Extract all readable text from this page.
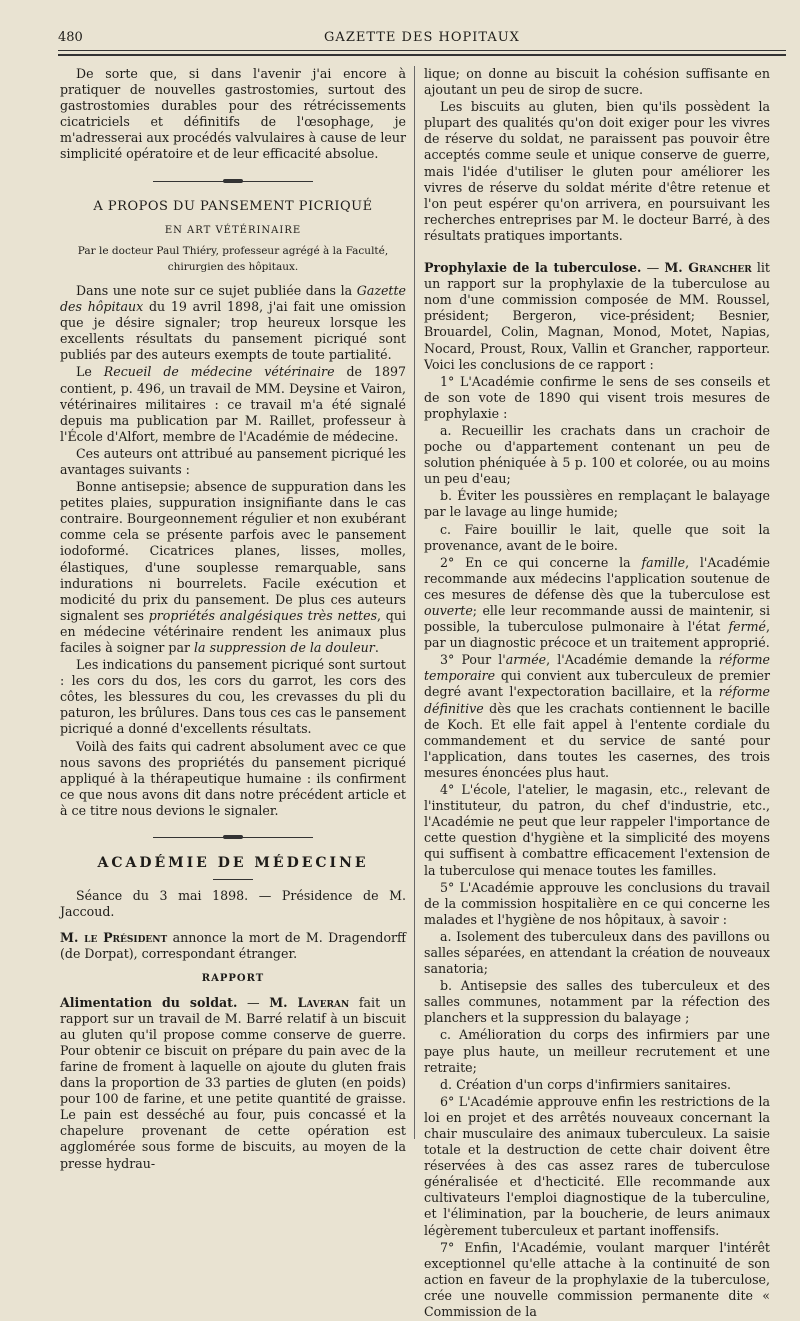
480	GAZETTE DES HOPITAUX

De sorte que, si dans l'avenir j'ai encore à pratiquer de nouvelles gastrostomies, surtout des gastrostomies durables pour des rétrécissements cicatriciels et définitifs de l'œsophage, je m'adresserai aux procédés valvulaires à cause de leur simplicité opératoire et de leur efficacité absolue.

A PROPOS DU PANSEMENT PICRIQUÉ
EN ART VÉTÉRINAIRE

Par le docteur Paul Thiéry, professeur agrégé à la Faculté, chirurgien des hôpitaux.

Dans une note sur ce sujet publiée dans la Gazette des hôpitaux du 19 avril 1898, j'ai fait une omission que je désire signaler; trop heureux lorsque les excellents résultats du pansement picriqué sont publiés par des auteurs exempts de toute partialité.

Le Recueil de médecine vétérinaire de 1897 contient, p. 496, un travail de MM. Deysine et Vairon, vétérinaires militaires : ce travail m'a été signalé depuis ma publication par M. Raillet, professeur à l'École d'Alfort, membre de l'Académie de médecine.

Ces auteurs ont attribué au pansement picriqué les avantages suivants :

Bonne antisepsie; absence de suppuration dans les petites plaies, suppuration insignifiante dans le cas contraire. Bourgeonnement régulier et non exubérant comme cela se présente parfois avec le pansement iodoformé. Cicatrices planes, lisses, molles, élastiques, d'une souplesse remarquable, sans indurations ni bourrelets. Facile exécution et modicité du prix du pansement. De plus ces auteurs signalent ses propriétés analgésiques très nettes, qui en médecine vétérinaire rendent les animaux plus faciles à soigner par la suppression de la douleur.

Les indications du pansement picriqué sont surtout : les cors du dos, les cors du garrot, les cors des côtes, les blessures du cou, les crevasses du pli du paturon, les brûlures. Dans tous ces cas le pansement picriqué a donné d'excellents résultats.

Voilà des faits qui cadrent absolument avec ce que nous savons des propriétés du pansement picriqué appliqué à la thérapeutique humaine : ils confirment ce que nous avons dit dans notre précédent article et à ce titre nous devions le signaler.

ACADÉMIE DE MÉDECINE

Séance du 3 mai 1898. — Présidence de M. Jaccoud.

M. le Président annonce la mort de M. Dragendorff (de Dorpat), correspondant étranger.

RAPPORT

Alimentation du soldat. — M. Laveran fait un rapport sur un travail de M. Barré relatif à un biscuit au gluten qu'il propose comme conserve de guerre. Pour obtenir ce biscuit on prépare du pain avec de la farine de froment à laquelle on ajoute du gluten frais dans la proportion de 33 parties de gluten (en poids) pour 100 de farine, et une petite quantité de graisse. Le pain est desséché au four, puis concassé et la chapelure provenant de cette opération est agglomérée sous forme de biscuits, au moyen de la presse hydrau-

lique; on donne au biscuit la cohésion suffisante en ajoutant un peu de sirop de sucre.

Les biscuits au gluten, bien qu'ils possèdent la plupart des qualités qu'on doit exiger pour les vivres de réserve du soldat, ne paraissent pas pouvoir être acceptés comme seule et unique conserve de guerre, mais l'idée d'utiliser le gluten pour améliorer les vivres de réserve du soldat mérite d'être retenue et l'on peut espérer qu'on arrivera, en poursuivant les recherches entreprises par M. le docteur Barré, à des résultats pratiques importants.

Prophylaxie de la tuberculose. — M. Grancher lit un rapport sur la prophylaxie de la tuberculose au nom d'une commission composée de MM. Roussel, président; Bergeron, vice-président; Besnier, Brouardel, Colin, Magnan, Monod, Motet, Napias, Nocard, Proust, Roux, Vallin et Grancher, rapporteur. Voici les conclusions de ce rapport :

1° L'Académie confirme le sens de ses conseils et de son vote de 1890 qui visent trois mesures de prophylaxie :

a. Recueillir les crachats dans un crachoir de poche ou d'appartement contenant un peu de solution phéniquée à 5 p. 100 et colorée, ou au moins un peu d'eau;

b. Éviter les poussières en remplaçant le balayage par le lavage au linge humide;

c. Faire bouillir le lait, quelle que soit la provenance, avant de le boire.

2° En ce qui concerne la famille, l'Académie recommande aux médecins l'application soutenue de ces mesures de défense dès que la tuberculose est ouverte; elle leur recommande aussi de maintenir, si possible, la tuberculose pulmonaire à l'état fermé, par un diagnostic précoce et un traitement approprié.

3° Pour l'armée, l'Académie demande la réforme temporaire qui convient aux tuberculeux de premier degré avant l'expectoration bacillaire, et la réforme définitive dès que les crachats contiennent le bacille de Koch. Et elle fait appel à l'entente cordiale du commandement et du service de santé pour l'application, dans toutes les casernes, des trois mesures énoncées plus haut.

4° L'école, l'atelier, le magasin, etc., relevant de l'instituteur, du patron, du chef d'industrie, etc., l'Académie ne peut que leur rappeler l'importance de cette question d'hygiène et la simplicité des moyens qui suffisent à combattre efficacement l'extension de la tuberculose qui menace toutes les familles.

5° L'Académie approuve les conclusions du travail de la commission hospitalière en ce qui concerne les malades et l'hygiène de nos hôpitaux, à savoir :

a. Isolement des tuberculeux dans des pavillons ou salles séparées, en attendant la création de nouveaux sanatoria;

b. Antisepsie des salles des tuberculeux et des salles communes, notamment par la réfection des planchers et la suppression du balayage ;

c. Amélioration du corps des infirmiers par une paye plus haute, un meilleur recrutement et une retraite;

d. Création d'un corps d'infirmiers sanitaires.

6° L'Académie approuve enfin les restrictions de la loi en projet et des arrêtés nouveaux concernant la chair musculaire des animaux tuberculeux. La saisie totale et la destruction de cette chair doivent être réservées à des cas assez rares de tuberculose généralisée et d'hecticité. Elle recommande aux cultivateurs l'emploi diagnostique de la tuberculine, et l'élimination, par la boucherie, de leurs animaux légèrement tuberculeux et partant inoffensifs.

7° Enfin, l'Académie, voulant marquer l'intérêt exceptionnel qu'elle attache à la continuité de son action en faveur de la prophylaxie de la tuberculose, crée une nouvelle commission permanente dite « Commission de la
